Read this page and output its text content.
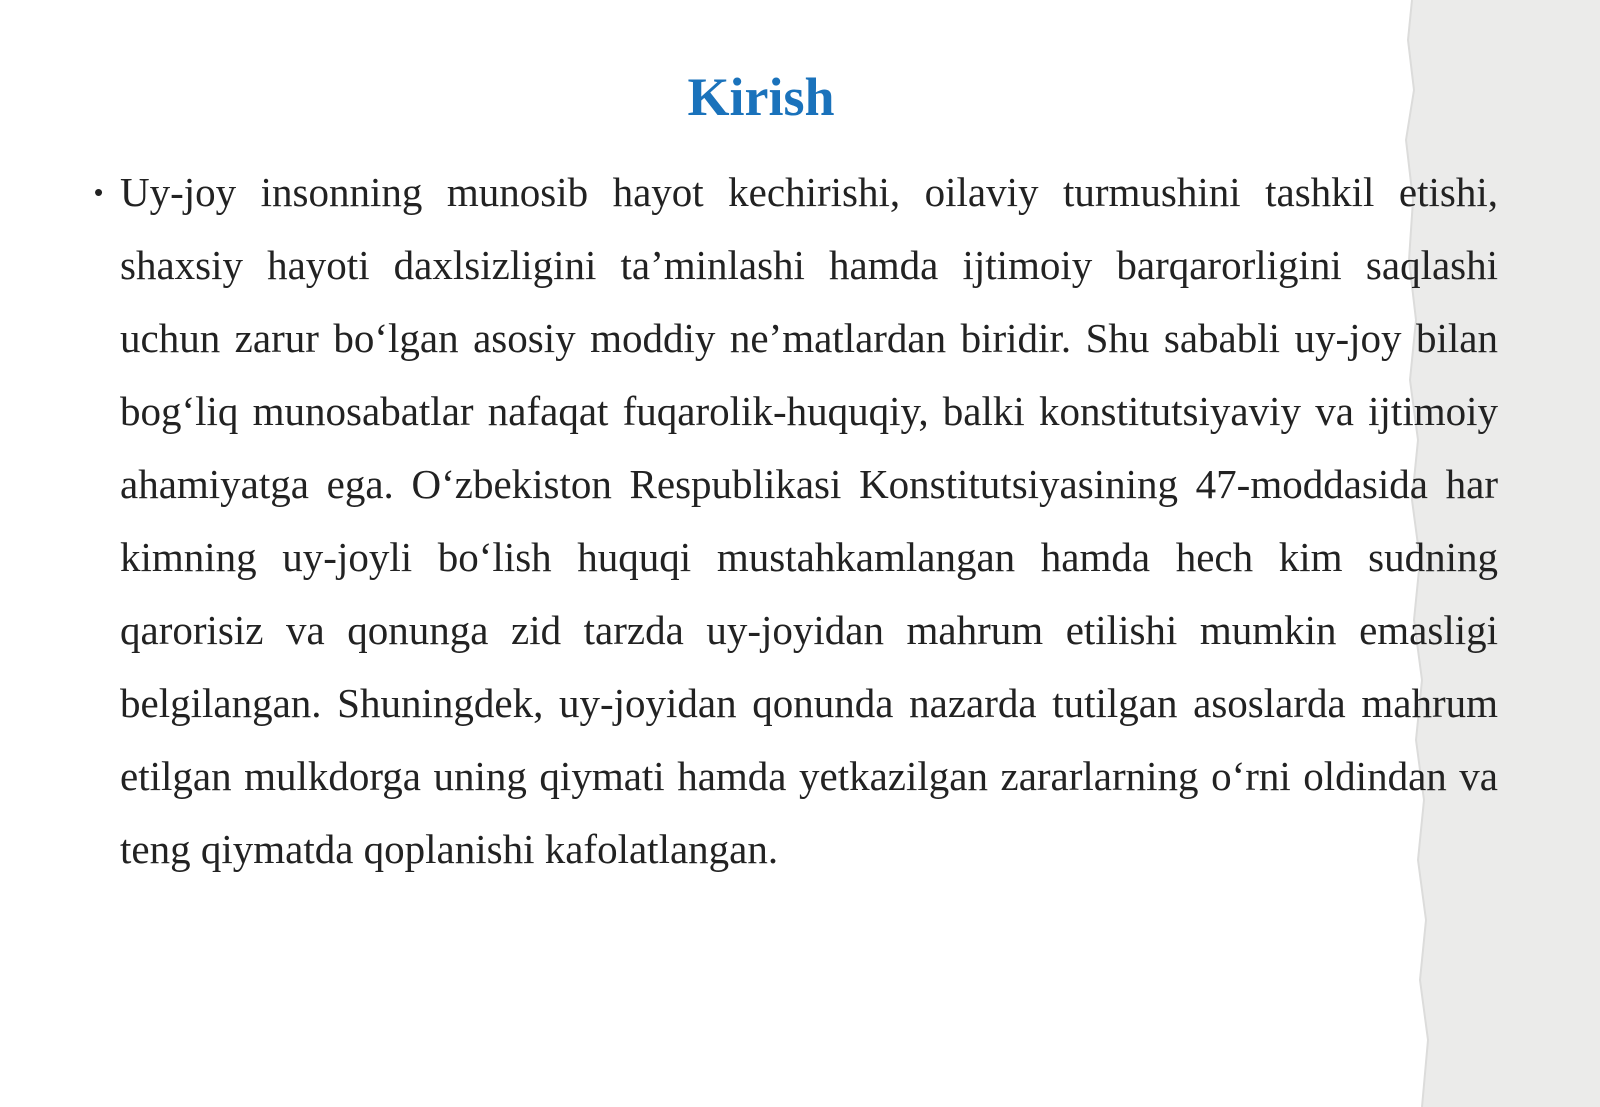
Kirish
• Uy-joy insonning munosib hayot kechirishi, oilaviy turmushini tashkil etishi, shaxsiy hayoti daxlsizligini ta’minlashi hamda ijtimoiy barqarorligini saqlashi uchun zarur bo‘lgan asosiy moddiy ne’matlardan biridir. Shu sababli uy-joy bilan bog‘liq munosabatlar nafaqat fuqarolik-huquqiy, balki konstitutsiyaviy va ijtimoiy ahamiyatga ega. O‘zbekiston Respublikasi Konstitutsiyasining 47-moddasida har kimning uy-joyli bo‘lish huquqi mustahkamlangan hamda hech kim sudning qarorisiz va qonunga zid tarzda uy-joyidan mahrum etilishi mumkin emasligi belgilangan. Shuningdek, uy-joyidan qonunda nazarda tutilgan asoslarda mahrum etilgan mulkdorga uning qiymati hamda yetkazilgan zararlarning o‘rni oldindan va teng qiymatda qoplanishi kafolatlangan.
